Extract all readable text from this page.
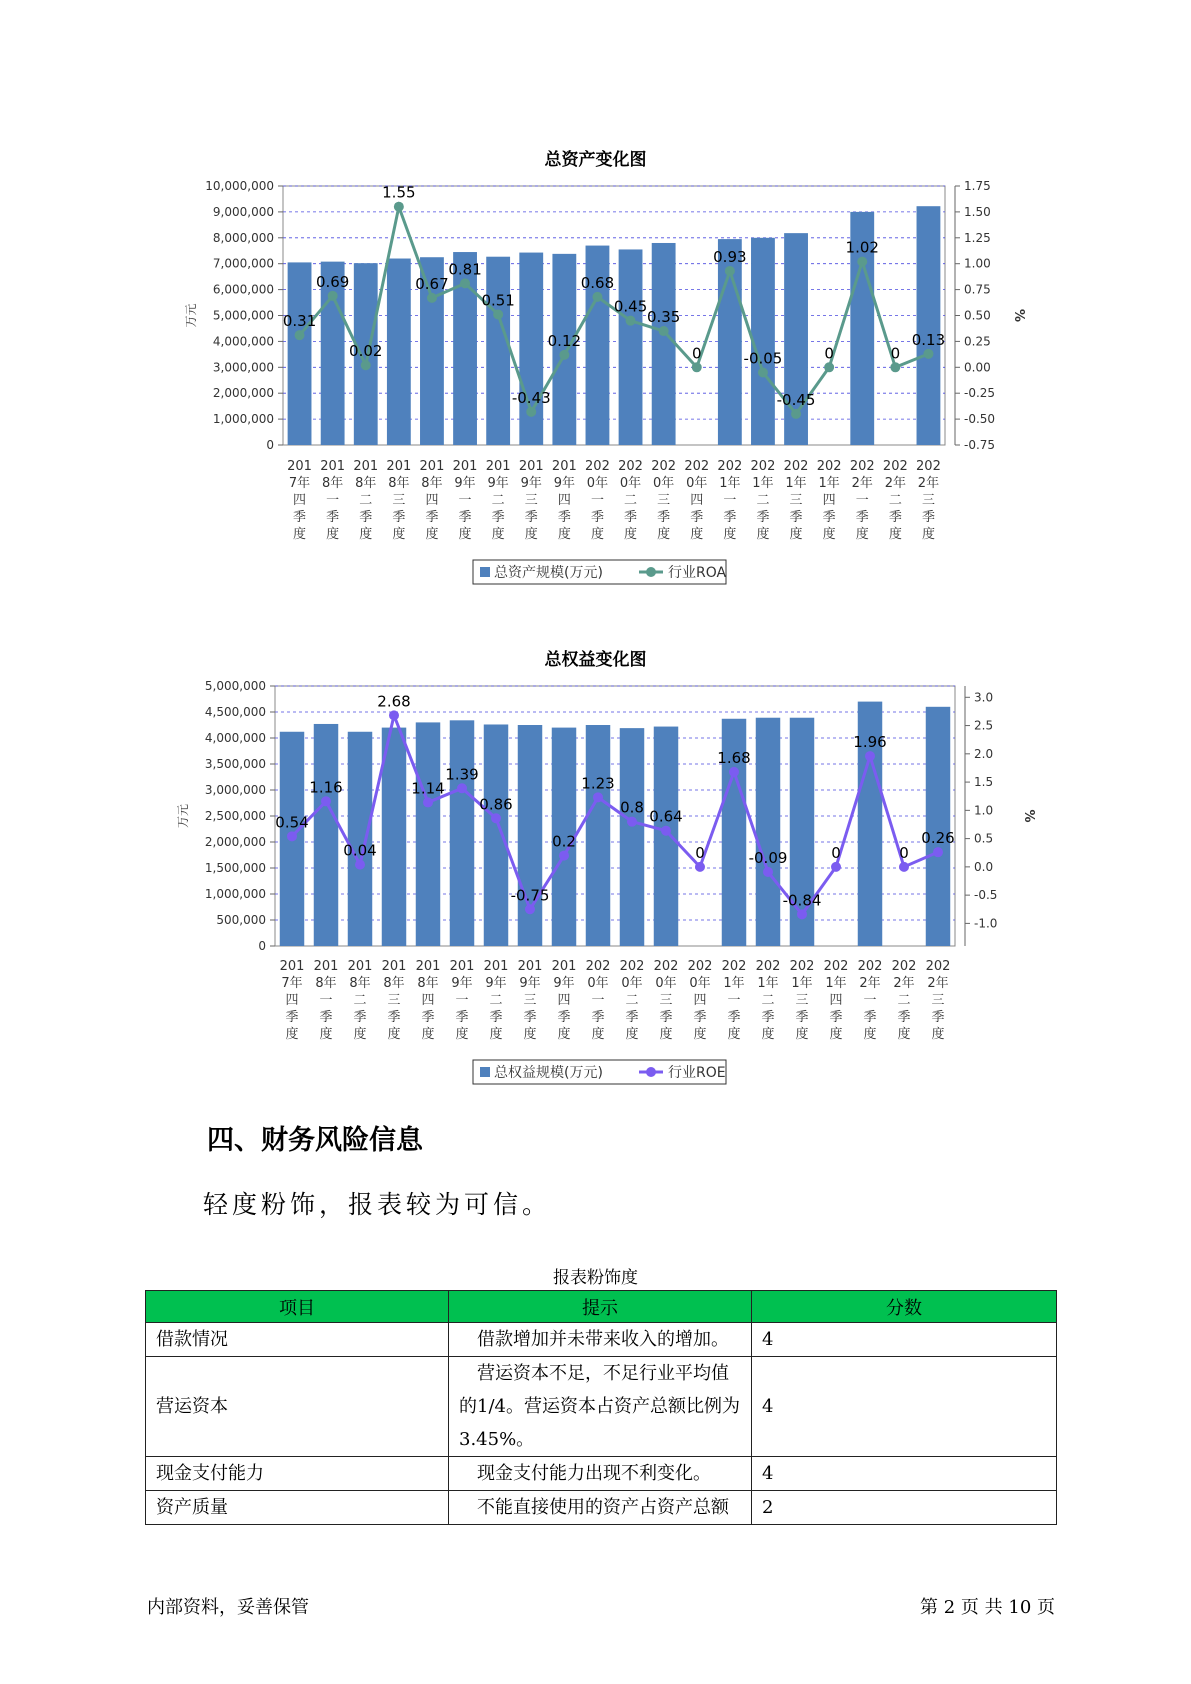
总资产变化图
0
1,000,000
2,000,000
3,000,000
4,000,000
5,000,000
6,000,000
7,000,000
8,000,000
9,000,000
10,000,000
-0.75
-0.50
-0.25
0.00
0.25
0.50
0.75
1.00
1.25
1.50
1.75
万元	%
0.31
0.69
0.02
1.55
0.67
0.81
0.51
-0.43
0.12
0.68
0.45
0.35
0
0.93
-0.05
-0.45
0
1.02
0
0.13
201 7年四季度
201 8年一季度
201 8年二季度
201 8年三季度
201 8年四季度
201 9年一季度
201 9年二季度
201 9年三季度
201 9年四季度
202 0年一季度
202 0年二季度
202 0年三季度
202 0年四季度
202 1年一季度
202 1年二季度
202 1年三季度
202 1年四季度
202 2年一季度
202 2年二季度
202 2年三季度
总资产规模(万元)	行业ROA
总权益变化图
0
500,000
1,000,000
1,500,000
2,000,000
2,500,000
3,000,000
3,500,000
4,000,000
4,500,000
5,000,000
-1.0
-0.5
0.0
0.5
1.0
1.5
2.0
2.5
3.0
万元	%
0.54
1.16
0.04
2.68
1.14
1.39
0.86
-0.75
0.2
1.23
0.8
0.64
0
1.68
-0.09
-0.84
0
1.96
0
0.26
201 7年四季度
201 8年一季度
201 8年二季度
201 8年三季度
201 8年四季度
201 9年一季度
201 9年二季度
201 9年三季度
201 9年四季度
202 0年一季度
202 0年二季度
202 0年三季度
202 0年四季度
202 1年一季度
202 1年二季度
202 1年三季度
202 1年四季度
202 2年一季度
202 2年二季度
202 2年三季度
总权益规模(万元)	行业ROE
四、财务风险信息

轻度粉饰，报表较为可信。

报表粉饰度
项目	提示	分数
借款情况	借款增加并未带来收入的增加。	4
营运资本	营运资本不足，不足行业平均值的1/4。营运资本占资产总额比例为3.45%。	4
现金支付能力	现金支付能力出现不利变化。	4
资产质量	不能直接使用的资产占资产总额	2
内部资料，妥善保管	第 2 页 共 10 页
